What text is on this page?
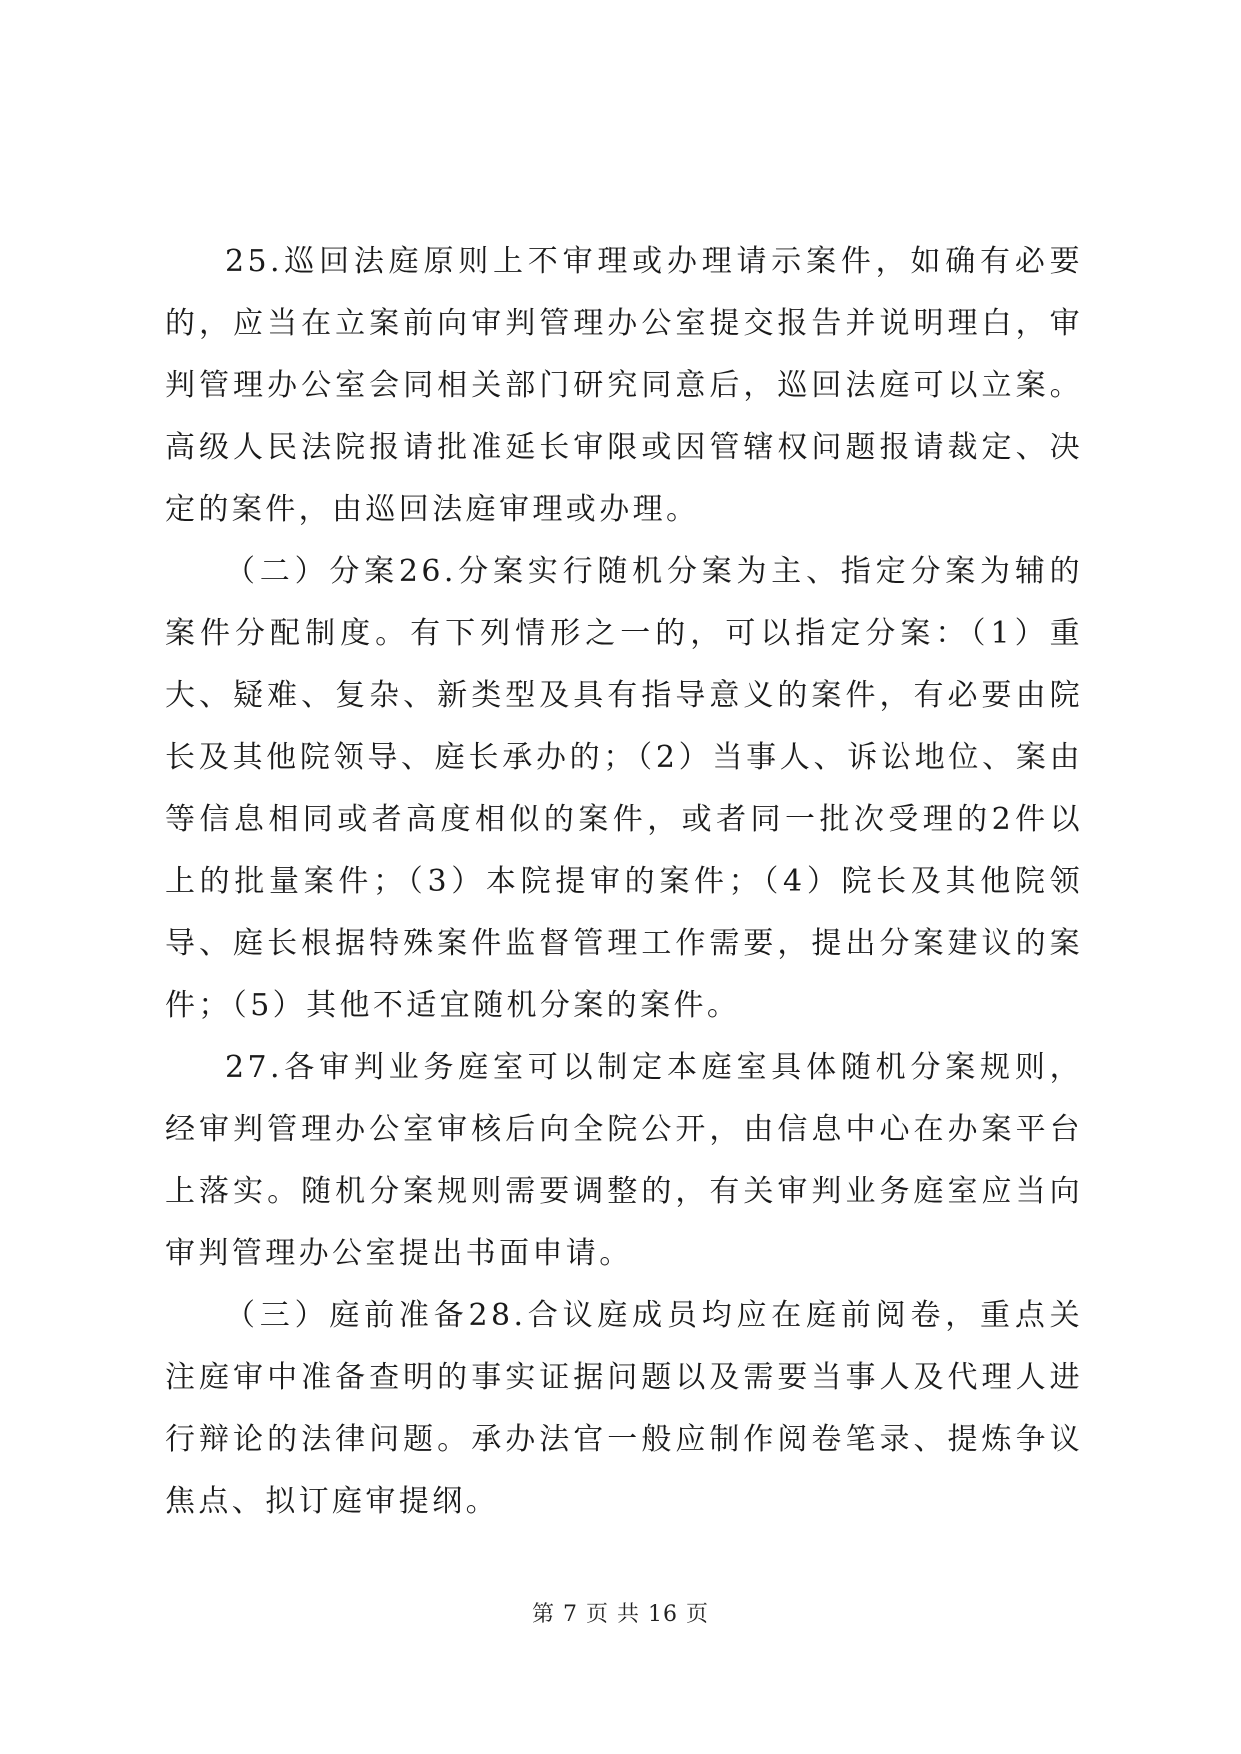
25.巡回法庭原则上不审理或办理请示案件，如确有必要的，应当在立案前向审判管理办公室提交报告并说明理白，审判管理办公室会同相关部门研究同意后，巡回法庭可以立案。高级人民法院报请批准延长审限或因管辖权问题报请裁定、决定的案件，由巡回法庭审理或办理。

（二）分案26.分案实行随机分案为主、指定分案为辅的案件分配制度。有下列情形之一的，可以指定分案：（1）重大、疑难、复杂、新类型及具有指导意义的案件，有必要由院长及其他院领导、庭长承办的；（2）当事人、诉讼地位、案由等信息相同或者高度相似的案件，或者同一批次受理的2件以上的批量案件；（3）本院提审的案件；（4）院长及其他院领导、庭长根据特殊案件监督管理工作需要，提出分案建议的案件；（5）其他不适宜随机分案的案件。

27.各审判业务庭室可以制定本庭室具体随机分案规则，经审判管理办公室审核后向全院公开，由信息中心在办案平台上落实。随机分案规则需要调整的，有关审判业务庭室应当向审判管理办公室提出书面申请。

（三）庭前准备28.合议庭成员均应在庭前阅卷，重点关注庭审中准备查明的事实证据问题以及需要当事人及代理人进行辩论的法律问题。承办法官一般应制作阅卷笔录、提炼争议焦点、拟订庭审提纲。

第 7 页 共 16 页
